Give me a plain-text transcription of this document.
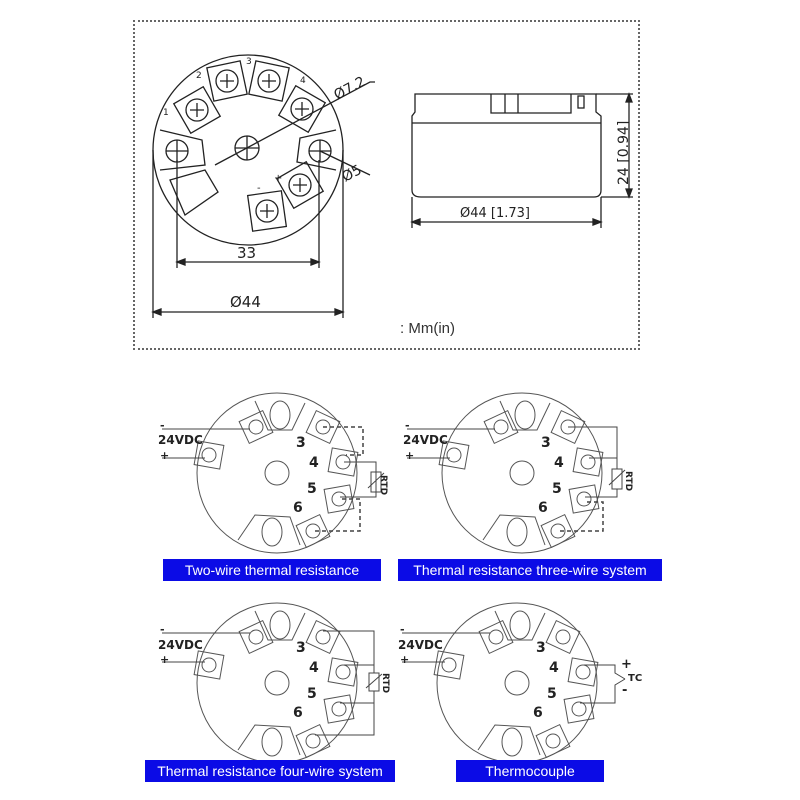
1
2
3
4
-
+
Ø7.2
Ø5
33
Ø44
24 [0.94]
Ø44 [1.73]
: Mm(in)
-
24VDC
+
3
4
5
6
RTD
Two-wire thermal resistance
-
24VDC
+
3
4
5
6
RTD
Thermal resistance three-wire system
-
24VDC
+
3
4
5
6
RTD
Thermal resistance four-wire system
-
24VDC
+
3
4
5
6
+
TC
-
Thermocouple
